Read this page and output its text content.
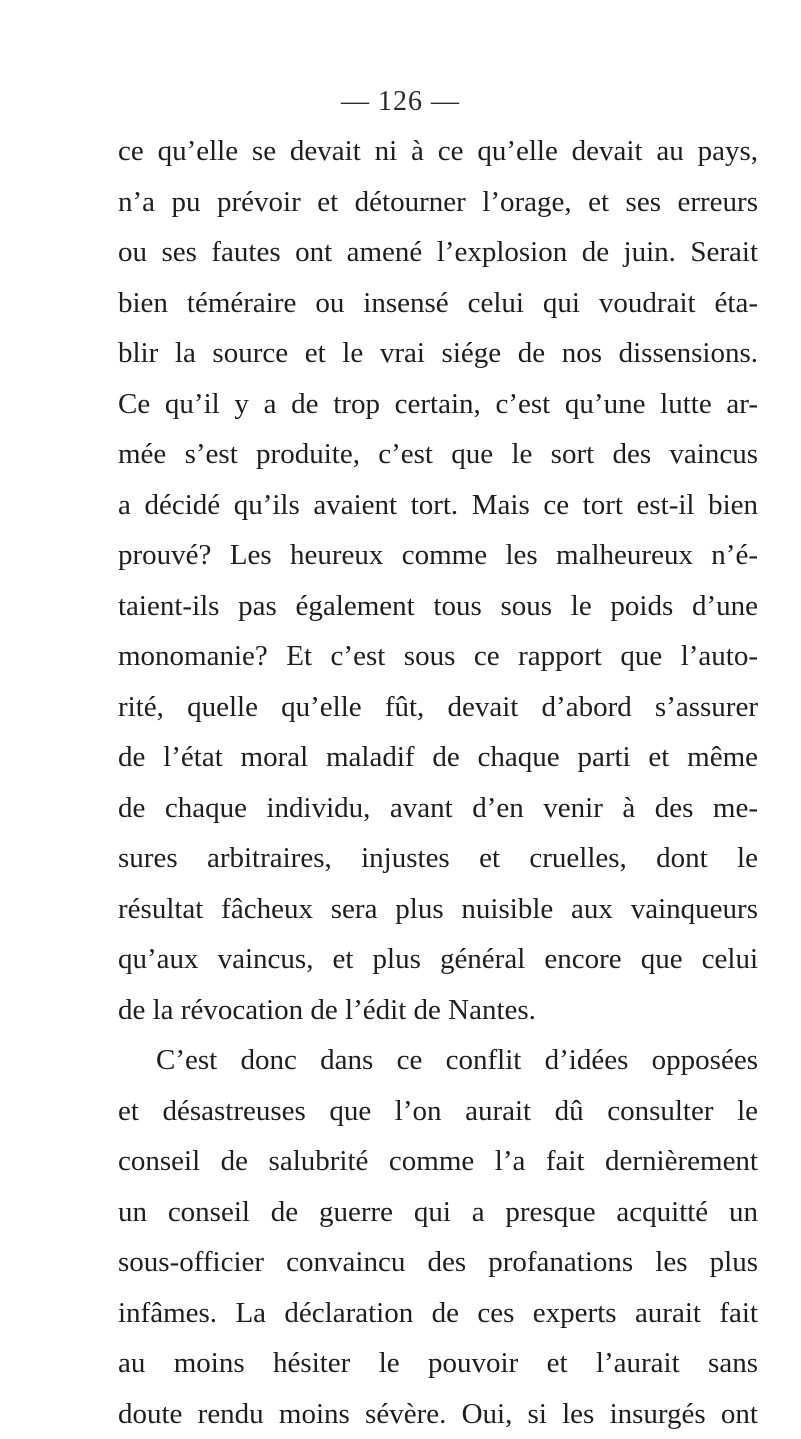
— 126 —
ce qu’elle se devait ni à ce qu’elle devait au pays,
n’a pu prévoir et détourner l’orage, et ses erreurs
ou ses fautes ont amené l’explosion de juin. Serait
bien téméraire ou insensé celui qui voudrait éta-
blir la source et le vrai siége de nos dissensions.
Ce qu’il y a de trop certain, c’est qu’une lutte ar-
mée s’est produite, c’est que le sort des vaincus
a décidé qu’ils avaient tort. Mais ce tort est-il bien
prouvé? Les heureux comme les malheureux n’é-
taient-ils pas également tous sous le poids d’une
monomanie? Et c’est sous ce rapport que l’auto-
rité, quelle qu’elle fût, devait d’abord s’assurer
de l’état moral maladif de chaque parti et même
de chaque individu, avant d’en venir à des me-
sures arbitraires, injustes et cruelles, dont le
résultat fâcheux sera plus nuisible aux vainqueurs
qu’aux vaincus, et plus général encore que celui
de la révocation de l’édit de Nantes.
C’est donc dans ce conflit d’idées opposées
et désastreuses que l’on aurait dû consulter le
conseil de salubrité comme l’a fait dernièrement
un conseil de guerre qui a presque acquitté un
sous-officier convaincu des profanations les plus
infâmes. La déclaration de ces experts aurait fait
au moins hésiter le pouvoir et l’aurait sans
doute rendu moins sévère. Oui, si les insurgés ont
